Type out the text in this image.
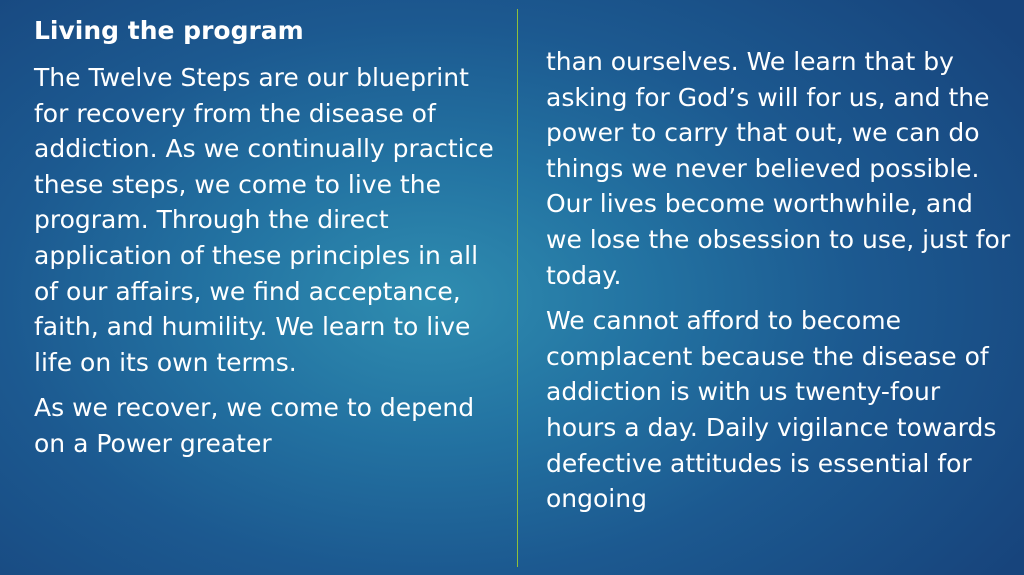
Living the program

The Twelve Steps are our blueprint for recovery from the disease of addiction. As we continually practice these steps, we come to live the program. Through the direct application of these principles in all of our affairs, we find acceptance, faith, and humility. We learn to live life on its own terms.

As we recover, we come to depend on a Power greater

than ourselves. We learn that by asking for God’s will for us, and the power to carry that out, we can do things we never believed possible. Our lives become worthwhile, and we lose the obsession to use, just for today.

We cannot afford to become complacent because the disease of addiction is with us twenty-four hours a day. Daily vigilance towards defective attitudes is essential for ongoing
